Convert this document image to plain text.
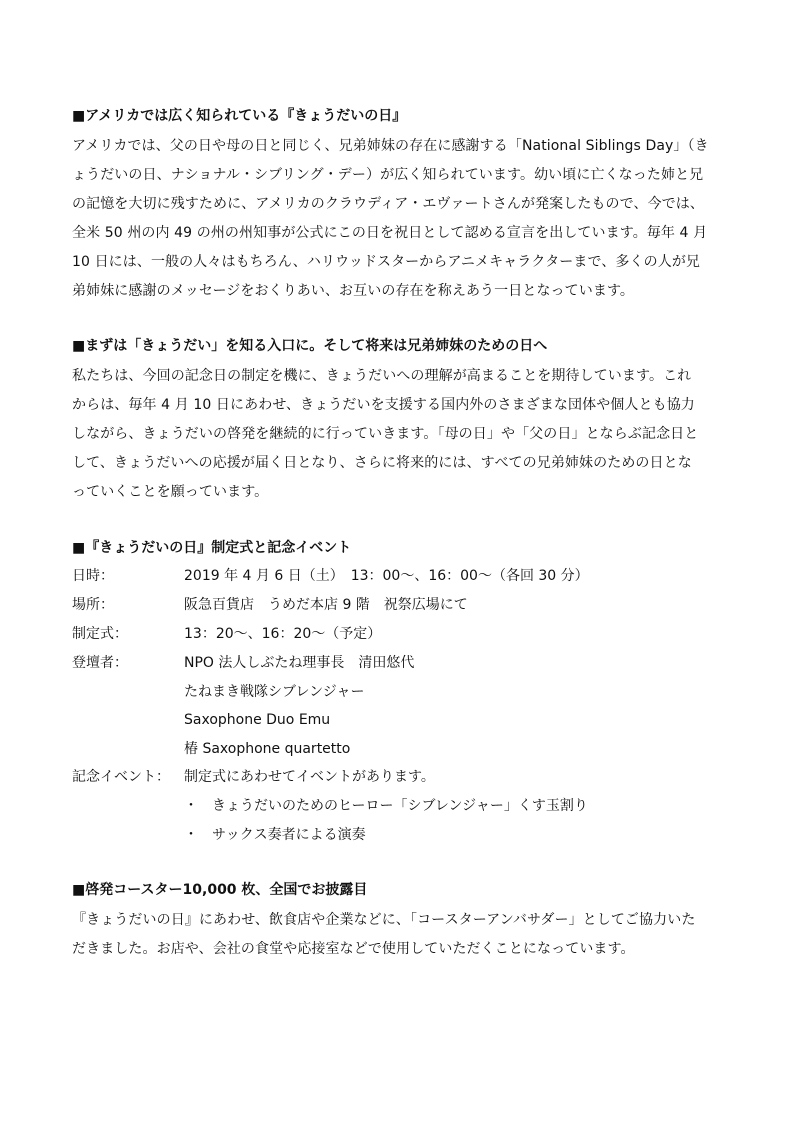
■アメリカでは広く知られている『きょうだいの日』
アメリカでは、父の日や母の日と同じく、兄弟姉妹の存在に感謝する「National Siblings Day」（き
ょうだいの日、ナショナル・シブリング・デー）が広く知られています。幼い頃に亡くなった姉と兄
の記憶を大切に残すために、アメリカのクラウディア・エヴァートさんが発案したもので、今では、
全米 50 州の内 49 の州の州知事が公式にこの日を祝日として認める宣言を出しています。毎年 4 月
10 日には、一般の人々はもちろん、ハリウッドスターからアニメキャラクターまで、多くの人が兄
弟姉妹に感謝のメッセージをおくりあい、お互いの存在を称えあう一日となっています。
■まずは「きょうだい」を知る入口に。そして将来は兄弟姉妹のための日へ
私たちは、今回の記念日の制定を機に、きょうだいへの理解が高まることを期待しています。これ
からは、毎年 4 月 10 日にあわせ、きょうだいを支援する国内外のさまざまな団体や個人とも協力
しながら、きょうだいの啓発を継続的に行っていきます。「母の日」や「父の日」とならぶ記念日と
して、きょうだいへの応援が届く日となり、さらに将来的には、すべての兄弟姉妹のための日とな
っていくことを願っています。
■『きょうだいの日』制定式と記念イベント
日時：	2019 年 4 月 6 日（土）　13：00～、16：00～（各回 30 分）
場所：	阪急百貨店　うめだ本店 9 階　祝祭広場にて
制定式：	13：20～、16：20～（予定）
登壇者：	NPO 法人しぶたね理事長　清田悠代
たねまき戦隊シブレンジャー
Saxophone Duo Emu
椿 Saxophone quartetto
記念イベント： 制定式にあわせてイベントがあります。
・　きょうだいのためのヒーロー「シブレンジャー」くす玉割り
・　サックス奏者による演奏
■啓発コースター10,000 枚、全国でお披露目
『きょうだいの日』にあわせ、飲食店や企業などに、「コースターアンバサダー」としてご協力いた
だきました。お店や、会社の食堂や応接室などで使用していただくことになっています。
